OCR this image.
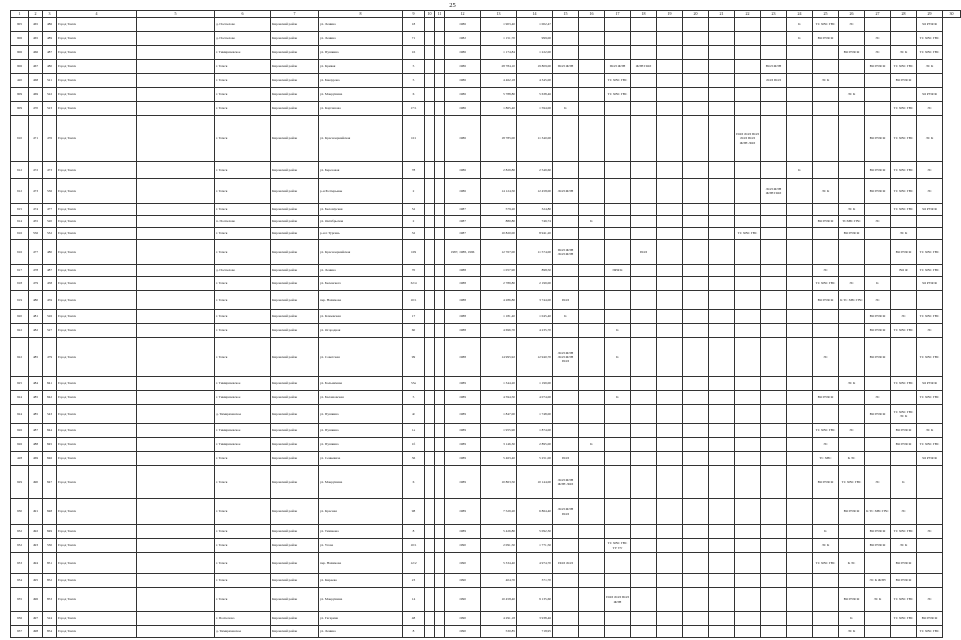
25
1	2	3	4	5	6	7	8	9	10	11	12	13	14	15	16	17	18	19	20	21	22	23	24	25	26	27	28	29	30
905	465	486	Город Томск		д. Поспелово	Кировский район	ул. Ленина	18			1986	1 903,40	1 002,47										K	ТС ХВС ГВС	ЭС			ЗО РУФ Ф	
906	465	489	Город Томск		д. Поспелово	Кировский район	ул. Ленина	71			1982	1 151,70	999,00										K	ВО РУФ Ф		ЭС		ТС ХВС ГВС	
906	466	487	Город Томск		г. Тимирязевское	Кировский район	ул. Пушкина	16			1986	1 174,84	1 222,00												ВО РУФ Ф	ЭС	ЭС К	ТС ХВС ГВС	
906	467	480	Город Томск		г. Томск	Кировский район	ул. Кривая	5			1986	28 784,10	19 809,00	ПОЛ ЖЭН		ПОЛ ЖЭН	ЖЭН ПОЛ					ВОЛ ЖЭН				ВО РУФ Ф	ТС ХВС ГВС	ЭС К	
420	468	521	Город Томск		г. Томск	Кировский район	ул. Бакаурова	5			1986	4 462,18	4 345,00			ТС ХВС ГВС						ЛОЛ ПОЛ		ЭС К			ВО РУФ Ф		
909	469	522	Город Томск		г. Томск	Кировский район	ул. Мокрушина	6			1986	5 788,80	5 638,46			ТС ХВС ГВС									ЭС К			ЗО РУФ Ф	
909	470	523	Город Томск		г. Томск	Кировский район	ул. Карташова	17/1			1986	1 865,40	1 594,00	K													ТС ХВС ГВС	ЭС	
910	471	476	Город Томск		г. Томск	Кировский район	ул. Красноармейская	101			1986	18 785,00	11 340,00								ПОЛ ЛОЛ ПОЛ ЛОЛ ПОЛ ЖЭН ЛОЛ					ВО РУФ Ф	ТС ХВС ГВС	ЭС К	
912	472	473	Город Томск		г. Томск	Кировский район	ул. Березовая	78			1986	2 829,80	2 549,60										K			ВО РУФ Ф	ТС ХВС ГВС	ЭС	
912	473	536	Город Томск		г. Томск	Кировский район	р-н Бэлтерьевы	2			1986	14 124,50	12 458,00	ЛОЛ ЖЭН								ЛОЛ ЖЭН ЖЭН ПОЛ		ЭС К		ВО РУФ Ф	ТС ХВС ГВС	ЭС	
915	474	477	Город Томск		г. Томск	Кировский район	ул. Белозёрская	52			1987	579,20	324,80												ЭС К		ТС ХВС ГВС	ЗО РУФ Ф	
914	455	520	Город Томск		п. Поспелово	Кировский район	ул. Октябрьская	2			1987	880,80	746,74		K									ВО РУФ Ф	ТСХВС ГВС	ЭС			
916	556	532	Город Томск		г. Томск	Кировский район	р-н п Тургень	32			1987	10 820,00	8 941,20								ТС ХВС ГВС				ВО РУФ Ф		ЭС К		
916	477	480	Город Томск		г. Томск	Кировский район	ул. Красноармейская	109			1987, 1988, 1996	12 767,00	11 574,00	ПОЛ ЖЭН ЛОЛ ЖЭН			ПОЛ										ВО РУФ Ф	ТС ХВС ГВС	
917	478	487	Город Томск		д. Поспелово	Кировский район	ул. Ленина	70			1988	1 057,90	898,50			ПРФ К								ЭС			ВО Ф	ТС ХВС ГВС	
918	479	458	Город Томск		г. Томск	Кировский район	ул. Беленского	32/4			1988	2 789,80	2 199,00											ТС ХВС ГВС	ЭС	K		ЗО РУФ Ф	
919	480	459	Город Томск		г. Томск	Кировский район	пер. Нахимова	10/1			1988	4 286,80	3 744,00	ПОЛ										ВО РУФ Ф	К ТС ХВС ГВС	ЭС			
920	481	526	Город Томск		г. Томск	Кировский район	ул. Клюевская	17			1988	1 181,40	1 045,40	K												ВО РУФ Ф	ЭС	ТС ХВС ГВС	
922	482	527	Город Томск		г. Томск	Кировский район	ул. Огородная	60			1988	4 696,70	4 235,70			K										ВО РУФ Ф	ТС ХВС ГВС	ЭС	
922	485	479	Город Томск		г. Томск	Кировский район	ул. Советская	99			1988	14 995,92	12 940,70	ЛОЛ ЖЭН ЛОЛ ЖЭН ПОЛ		K								ЭС		ВО РУФ Ф		ТС ХВС ГВС	
925	484	841	Город Томск		г. Тимирязевское	Кировский район	ул. Больничная	53а			1989	1 344,20	1 199,00												ЭС К		ТС ХВС ГВС	ЗО РУФ Ф	
924	485	842	Город Томск		г. Тимирязевское	Кировский район	ул. Балашовская	5			1989	4 594,50	4 074,00			K								ВО РУФ Ф		ЭС		ТС ХВС ГВС	
924	485	543	Город Томск		д. Тимирязевское	Кировский район	ул. Пушкина	4г			1989	1 847,00	1 748,00													ВО РУФ Ф	ТС ХВС ГВС ЭС К		
926	487	844	Город Томск		г. Тимирязевское	Кировский район	ул. Пушкина	1а			1989	1 955,90	1 874,00											ТС ХВС ГВС	ЭС		ВО РУФ Ф	ЭС К	
926	488	845	Город Томск		г. Тимирязевское	Кировский район	ул. Пушкина	1б			1989	3 146,30	2 895,00		K									ЭС			ВО РУФ Ф	ТС ХВС ГВС	
428	469	846	Город Томск		г. Томск	Кировский район	ул. Сенкевича	36			1989	5 463,40	5 251,00	ПОЛ										ТС ХВС	К ЭС			ЗО РУФ Ф	
929	490	847	Город Томск		г. Томск	Кировский район	ул. Мокрушина	6			1989	10 863,50	10 144,00	ЛОЛ ЖЭН ЖЭН ЛОЛ										ВО РУФ Ф	ТС ХВС ГВС	ЭС	K		
930	491	848	Город Томск		г. Томск	Кировский район	ул. Красная	98			1989	7 529,20	6 864,40	ЛОЛ ЖЭН ПОЛ											ВО РУФ Ф	К ТС ХВС ГВС	ЭС		
932	492	849	Город Томск		г. Томск	Кировский район	ул. Тимакова	8			1989	5 426,80	5 092,30											K		ВО РУФ Ф	ТС ХВС ГВС	ЭС	
932	493	530	Город Томск		г. Томск	Кировский район	ул. Усова	10/1			1990	2 091,50	1 771,50			ТС ХВС ГВС ТУ ТУ								ЭС К		ВО РУФ Ф	ЭС К		
933	494	851	Город Томск		г. Томск	Кировский район	пер. Нахимова	12/2			1990	5 334,40	4 974,70	ПОЛ ЛОЛ										ТС ХВС ГВС	К ЭС		ВО РУФ Ф		
934	495	852	Город Томск		г. Томск	Кировский район	ул. Киреева	23			1990	404,70	371,70													ЭС К ЖЭН	ВО РУФ Ф		
935	496	853	Город Томск		г. Томск	Кировский район	ул. Мокрушина	14			1990	10 458,40	9 135,60			ПОЛ ЛОЛ ПОЛ ЖЭН									ВО РУФ Ф	ЭС К	ТС ХВС ГВС	ЭС	
936	497	524	Город Томск		г. Поспелово	Кировский район	ул. Гагарина	48			1990	4 291,18	3 938,46												K		ТС ХВС ГВС	ВО РУФ Ф	
937	498	854	Город Томск		д. Тимирязевское	Кировский район	ул. Ленина	8			1990	530,85	718,95												ЭС К			ТС ХВС ГВС	
